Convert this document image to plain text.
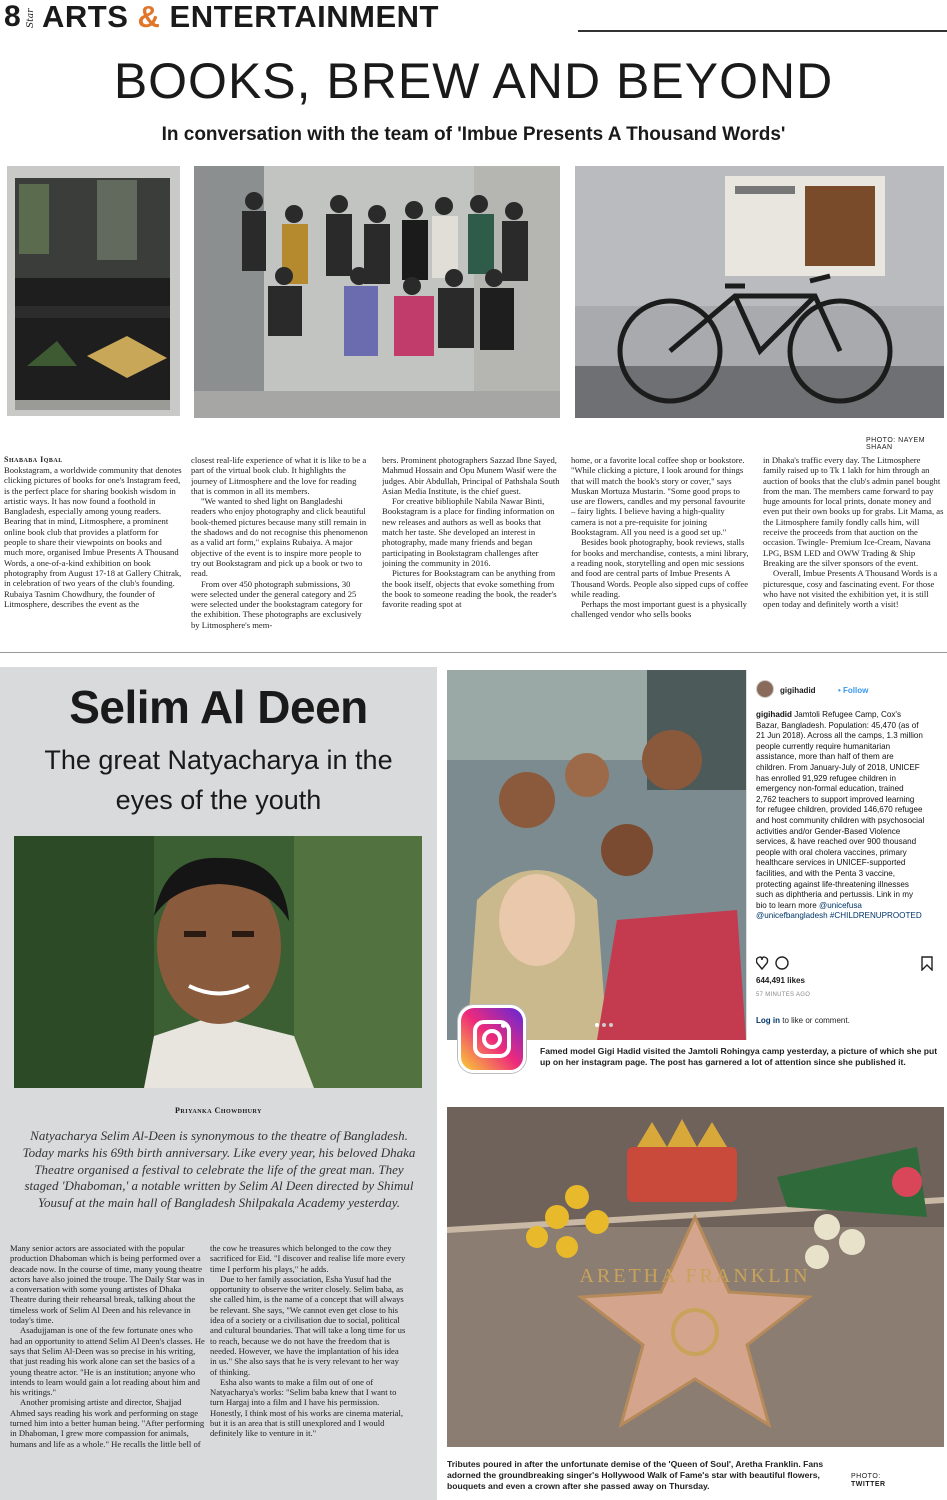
8 Star ARTS & ENTERTAINMENT
BOOKS, BREW AND BEYOND
In conversation with the team of 'Imbue Presents A Thousand Words'
PHOTO: NAYEM SHAAN
Shababa Iqbal

Bookstagram, a worldwide community that denotes clicking pictures of books for one's Instagram feed, is the perfect place for sharing bookish wisdom in artistic ways. It has now found a foothold in Bangladesh, especially among young readers. Bearing that in mind, Litmosphere, a prominent online book club that provides a platform for people to share their viewpoints on books and much more, organised Imbue Presents A Thousand Words, a one-of-a-kind exhibition on book photography from August 17-18 at Gallery Chitrak, in celebration of two years of the club's founding. Rubaiya Tasnim Chowdhury, the founder of Litmosphere, describes the event as the

closest real-life experience of what it is like to be a part of the virtual book club. It highlights the journey of Litmosphere and the love for reading that is common in all its members.

"We wanted to shed light on Bangladeshi readers who enjoy photography and click beautiful book-themed pictures because many still remain in the shadows and do not recognise this phenomenon as a valid art form," explains Rubaiya. A major objective of the event is to inspire more people to try out Bookstagram and pick up a book or two to read.

From over 450 photograph submissions, 30 were selected under the general category and 25 were selected under the bookstagram category for the exhibition. These photographs are exclusively by Litmosphere's mem-

bers. Prominent photographers Sazzad Ibne Sayed, Mahmud Hossain and Opu Munem Wasif were the judges. Abir Abdullah, Principal of Pathshala South Asian Media Institute, is the chief guest.

For creative bibliophile Nabila Nawar Binti, Bookstagram is a place for finding information on new releases and authors as well as books that match her taste. She developed an interest in photography, made many friends and began participating in Bookstagram challenges after joining the community in 2016.

Pictures for Bookstagram can be anything from the book itself, objects that evoke something from the book to someone reading the book, the reader's favorite reading spot at

home, or a favorite local coffee shop or bookstore. "While clicking a picture, I look around for things that will match the book's story or cover," says Muskan Mortuza Mustarin. "Some good props to use are flowers, candles and my personal favourite – fairy lights. I believe having a high-quality camera is not a pre-requisite for joining Bookstagram. All you need is a good set up."

Besides book photography, book reviews, stalls for books and merchandise, contests, a mini library, a reading nook, storytelling and open mic sessions and food are central parts of Imbue Presents A Thousand Words. People also sipped cups of coffee while reading.

Perhaps the most important guest is a physically challenged vendor who sells books

in Dhaka's traffic every day. The Litmosphere family raised up to Tk 1 lakh for him through an auction of books that the club's admin panel bought from the man. The members came forward to pay huge amounts for local prints, donate money and even put their own books up for grabs. Lit Mama, as the Litmosphere family fondly calls him, will receive the proceeds from that auction on the occasion. Twingle- Premium Ice-Cream, Navana LPG, BSM LED and OWW Trading & Ship Breaking are the silver sponsors of the event.

Overall, Imbue Presents A Thousand Words is a picturesque, cosy and fascinating event. For those who have not visited the exhibition yet, it is still open today and definitely worth a visit!

Selim Al Deen
The great Natyacharya in the
eyes of the youth
Priyanka Chowdhury
Natyacharya Selim Al-Deen is synonymous to the theatre of Bangladesh. Today marks his 69th birth anniversary. Like every year, his beloved Dhaka Theatre organised a festival to celebrate the life of the great man. They staged 'Dhaboman,' a notable written by Selim Al Deen directed by Shimul Yousuf at the main hall of Bangladesh Shilpakala Academy yesterday.

Many senior actors are associated with the popular production Dhaboman which is being performed over a deacade now. In the course of time, many young theatre actors have also joined the troupe. The Daily Star was in a conversation with some young artistes of Dhaka Theatre during their rehearsal break, talking about the timeless work of Selim Al Deen and his relevance in today's time.

Asadujjaman is one of the few fortunate ones who had an opportunity to attend Selim Al Deen's classes. He says that Selim Al-Deen was so precise in his writing, that just reading his work alone can set the basics of a young theatre actor. "He is an institution; anyone who intends to learn would gain a lot reading about him and his writings."

Another promising artiste and director, Shajjad Ahmed says reading his work and performing on stage turned him into a better human being. "After performing in Dhaboman, I grew more compassion for animals, humans and life as a whole." He recalls the little bell of

the cow he treasures which belonged to the cow they sacrificed for Eid. "I discover and realise life more every time I perform his plays," he adds.

Due to her family association, Esha Yusuf had the opportunity to observe the writer closely. Selim baba, as she called him, is the name of a concept that will always be relevant. She says, "We cannot even get close to his idea of a society or a civilisation due to social, political and cultural boundaries. That will take a long time for us to reach, because we do not have the freedom that is needed. However, we have the implantation of his idea in us." She also says that he is very relevant to her way of thinking.

Esha also wants to make a film out of one of Natyacharya's works: "Selim baba knew that I want to turn Hargaj into a film and I have his permission. Honestly, I think most of his works are cinema material, but it is an area that is still unexplored and I would definitely like to venture in it."

gigihadid	• Follow
gigihadid Jamtoli Refugee Camp, Cox's Bazar, Bangladesh. Population: 45,470 (as of 21 Jun 2018). Across all the camps, 1.3 million people currently require humanitarian assistance, more than half of them are children. From January-July of 2018, UNICEF has enrolled 91,929 refugee children in emergency non-formal education, trained 2,762 teachers to support improved learning for refugee children, provided 146,670 refugee and host community children with psychosocial activities and/or Gender-Based Violence services, & have reached over 900 thousand people with oral cholera vaccines, primary healthcare services in UNICEF-supported facilities, and with the Penta 3 vaccine, protecting against life-threatening illnesses such as diphtheria and pertussis. Link in my bio to learn more @unicefusa @unicefbangladesh #CHILDRENUPROOTED
644,491 likes
57 MINUTES AGO
Log in to like or comment.
Famed model Gigi Hadid visited the Jamtoli Rohingya camp yesterday, a picture of which she put up on her instagram page. The post has garnered a lot of attention since she published it.
ARETHA FRANKLIN
Tributes poured in after the unfortunate demise of the 'Queen of Soul', Aretha Franklin. Fans adorned the groundbreaking singer's Hollywood Walk of Fame's star with beautiful flowers, bouquets and even a crown after she passed away on Thursday.
PHOTO:
TWITTER
